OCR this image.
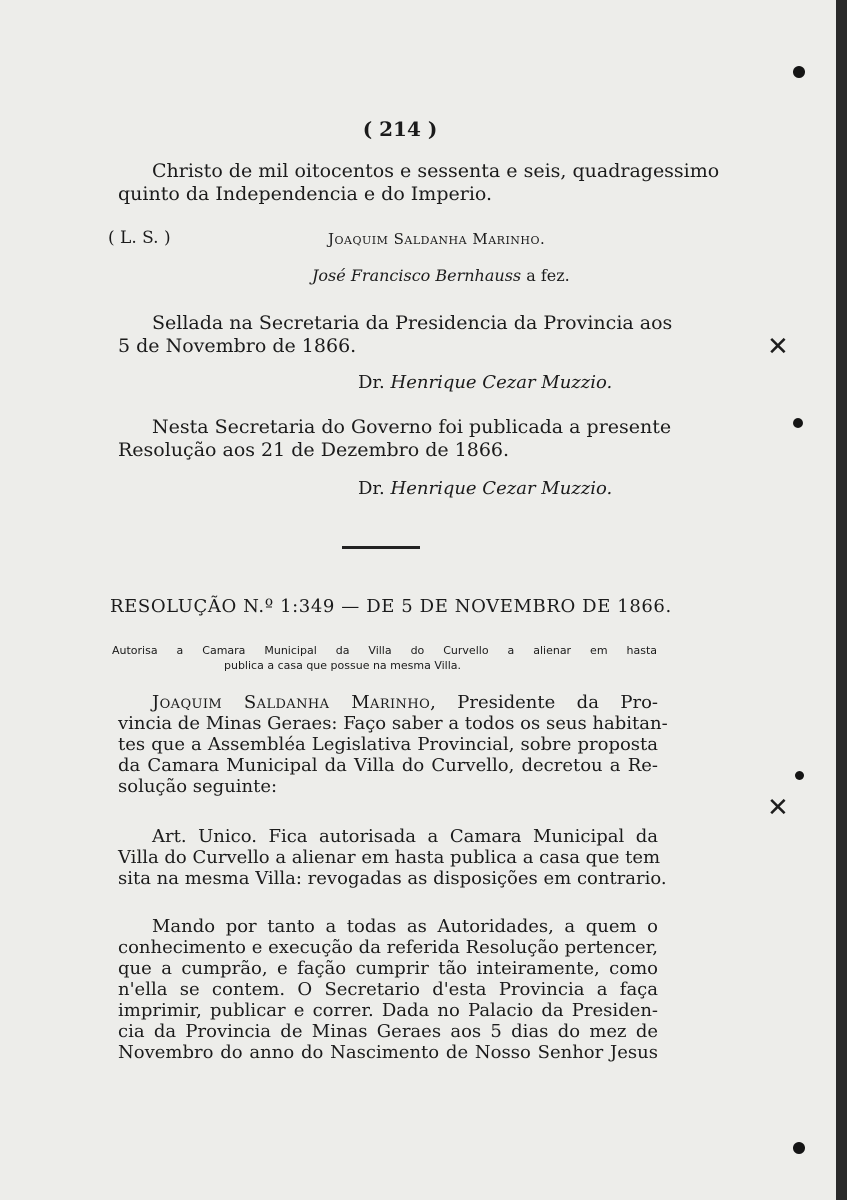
✕
✕
( 214 )
Christo de mil oitocentos e sessenta e seis, quadragessimo
quinto da Independencia e do Imperio.
( L. S. )	Joaquim Saldanha Marinho.
José Francisco Bernhauss a fez.
Sellada na Secretaria da Presidencia da Provincia aos
5 de Novembro de 1866.
Dr. Henrique Cezar Muzzio.
Nesta Secretaria do Governo foi publicada a presente
Resolução aos 21 de Dezembro de 1866.
Dr. Henrique Cezar Muzzio.
RESOLUÇÃO N.º 1:349 — DE 5 DE NOVEMBRO DE 1866.
Autorisa a Camara Municipal da Villa do Curvello a alienar em hasta
publica a casa que possue na mesma Villa.
Joaquim Saldanha Marinho, Presidente da Pro-
vincia de Minas Geraes: Faço saber a todos os seus habitan-
tes que a Assembléa Legislativa Provincial, sobre proposta
da Camara Municipal da Villa do Curvello, decretou a Re-
solução seguinte:
Art. Unico. Fica autorisada a Camara Municipal da
Villa do Curvello a alienar em hasta publica a casa que tem
sita na mesma Villa: revogadas as disposições em contrario.
Mando por tanto a todas as Autoridades, a quem o
conhecimento e execução da referida Resolução pertencer,
que a cumprão, e fação cumprir tão inteiramente, como
n'ella se contem. O Secretario d'esta Provincia a faça
imprimir, publicar e correr. Dada no Palacio da Presiden-
cia da Provincia de Minas Geraes aos 5 dias do mez de
Novembro do anno do Nascimento de Nosso Senhor Jesus
